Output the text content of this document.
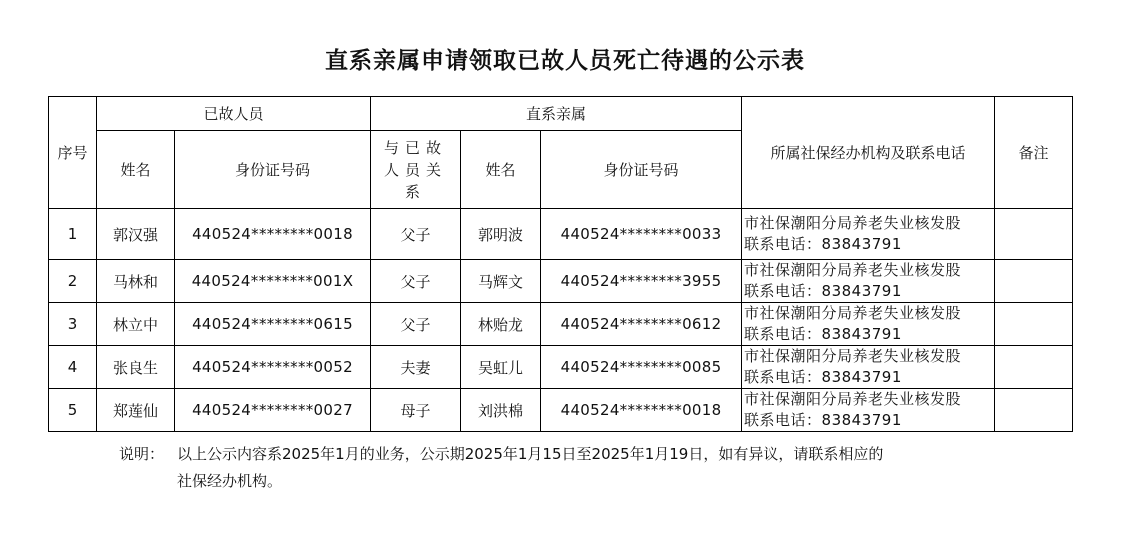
直系亲属申请领取已故人员死亡待遇的公示表
序号	已故人员		直系亲属			所属社保经办机构及联系电话	备注
	姓名	身份证号码	与已故人员关系	姓名	身份证号码		
1	郭汉强	440524********0018	父子	郭明波	440524********0033	市社保潮阳分局养老失业核发股
联系电话：83843791	

2	马林和	440524********001X	父子	马辉文	440524********3955	市社保潮阳分局养老失业核发股
联系电话：83843791	

3	林立中	440524********0615	父子	林贻龙	440524********0612	市社保潮阳分局养老失业核发股
联系电话：83843791	

4	张良生	440524********0052	夫妻	吴虹儿	440524********0085	市社保潮阳分局养老失业核发股
联系电话：83843791	

5	郑莲仙	440524********0027	母子	刘洪棉	440524********0018	市社保潮阳分局养老失业核发股
联系电话：83843791	

说明： 以上公示内容系2025年1月的业务，公示期2025年1月15日至2025年1月19日，如有异议，请联系相应的
社保经办机构。
